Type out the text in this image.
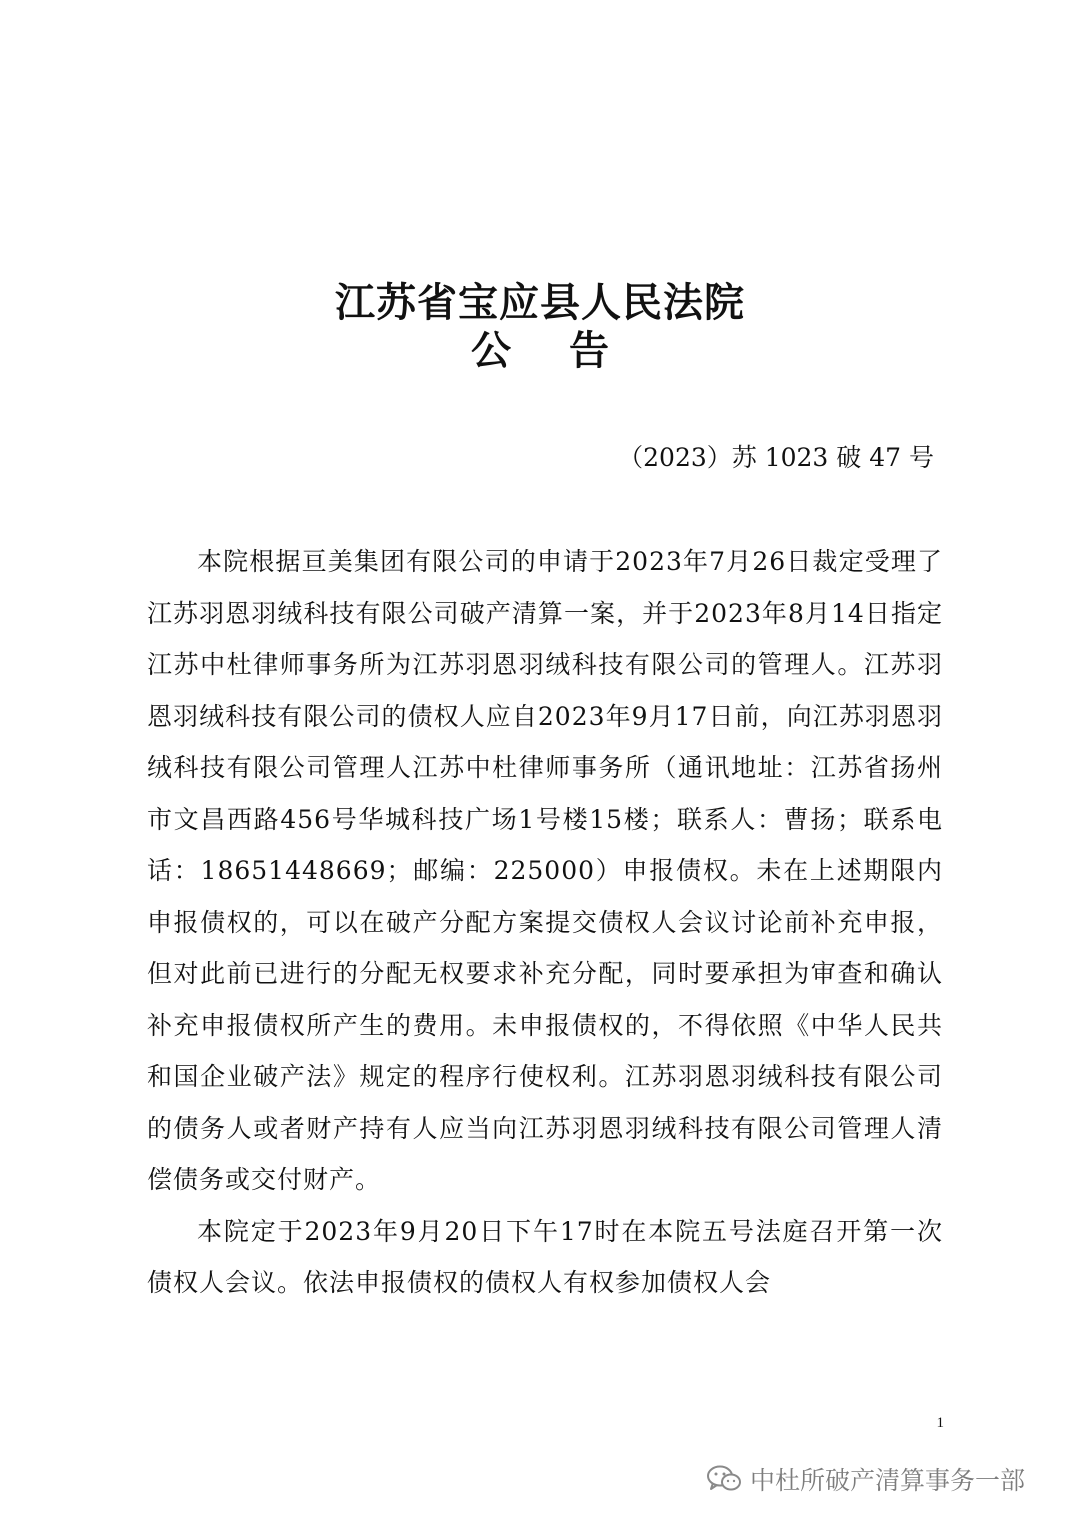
江苏省宝应县人民法院
公 告
（2023）苏 1023 破 47 号

本院根据亘美集团有限公司的申请于2023年7月26日裁定受理了江苏羽恩羽绒科技有限公司破产清算一案，并于2023年8月14日指定江苏中杜律师事务所为江苏羽恩羽绒科技有限公司的管理人。江苏羽恩羽绒科技有限公司的债权人应自2023年9月17日前，向江苏羽恩羽绒科技有限公司管理人江苏中杜律师事务所（通讯地址：江苏省扬州市文昌西路456号华城科技广场1号楼15楼；联系人：曹扬；联系电话：18651448669；邮编：225000）申报债权。未在上述期限内申报债权的，可以在破产分配方案提交债权人会议讨论前补充申报，但对此前已进行的分配无权要求补充分配，同时要承担为审查和确认补充申报债权所产生的费用。未申报债权的，不得依照《中华人民共和国企业破产法》规定的程序行使权利。江苏羽恩羽绒科技有限公司的债务人或者财产持有人应当向江苏羽恩羽绒科技有限公司管理人清偿债务或交付财产。

本院定于2023年9月20日下午17时在本院五号法庭召开第一次债权人会议。依法申报债权的债权人有权参加债权人会

1
中杜所破产清算事务一部
